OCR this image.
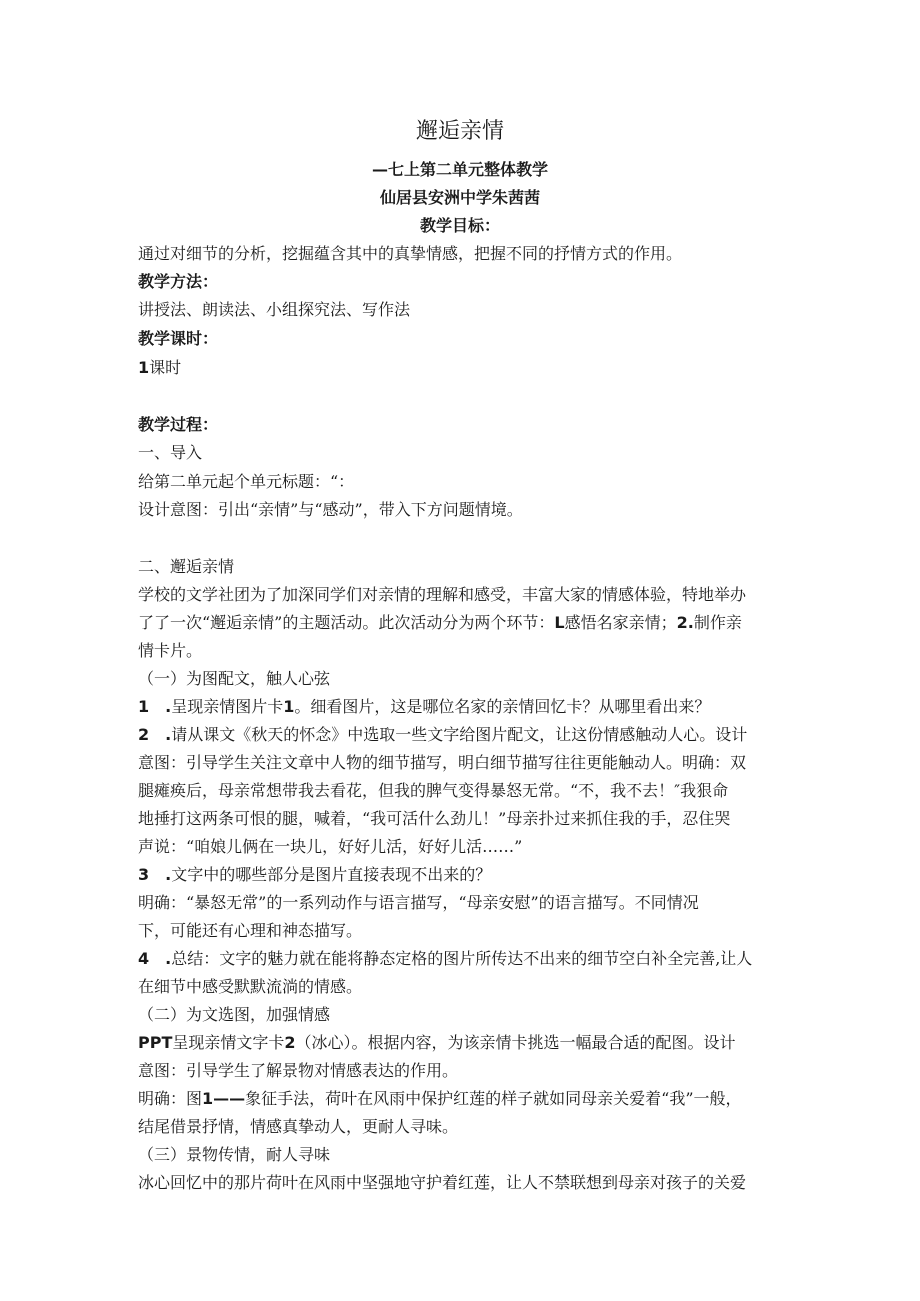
邂逅亲情
—七上第二单元整体教学
仙居县安洲中学朱茜茜
教学目标：
通过对细节的分析，挖掘蕴含其中的真挚情感，把握不同的抒情方式的作用。
教学方法：
讲授法、朗读法、小组探究法、写作法
教学课时：
1课时
教学过程：
一、导入
给第二单元起个单元标题：“：
设计意图：引出“亲情”与“感动”，带入下方问题情境。
二、邂逅亲情
学校的文学社团为了加深同学们对亲情的理解和感受，丰富大家的情感体验，特地举办
了了一次“邂逅亲情”的主题活动。此次活动分为两个环节：L感悟名家亲情；2.制作亲
情卡片。
（一）为图配文，触人心弦
1　.呈现亲情图片卡1。细看图片，这是哪位名家的亲情回忆卡？从哪里看出来？
2　.请从课文《秋天的怀念》中选取一些文字给图片配文，让这份情感触动人心。设计
意图：引导学生关注文章中人物的细节描写，明白细节描写往往更能触动人。明确：双
腿瘫痪后，母亲常想带我去看花，但我的脾气变得暴怒无常。“不，我不去！″我狠命
地捶打这两条可恨的腿，喊着，“我可活什么劲儿！”母亲扑过来抓住我的手，忍住哭
声说：“咱娘儿俩在一块儿，好好儿活，好好儿活……”
3　.文字中的哪些部分是图片直接表现不出来的？
明确：“暴怒无常”的一系列动作与语言描写，“母亲安慰”的语言描写。不同情况
下，可能还有心理和神态描写。
4　.总结：文字的魅力就在能将静态定格的图片所传达不出来的细节空白补全完善,让人
在细节中感受默默流淌的情感。
（二）为文选图，加强情感
PPT呈现亲情文字卡2（冰心）。根据内容，为该亲情卡挑选一幅最合适的配图。设计
意图：引导学生了解景物对情感表达的作用。
明确：图1——象征手法，荷叶在风雨中保护红莲的样子就如同母亲关爱着“我”一般，
结尾借景抒情，情感真挚动人，更耐人寻味。
（三）景物传情，耐人寻味
冰心回忆中的那片荷叶在风雨中坚强地守护着红莲，让人不禁联想到母亲对孩子的关爱
